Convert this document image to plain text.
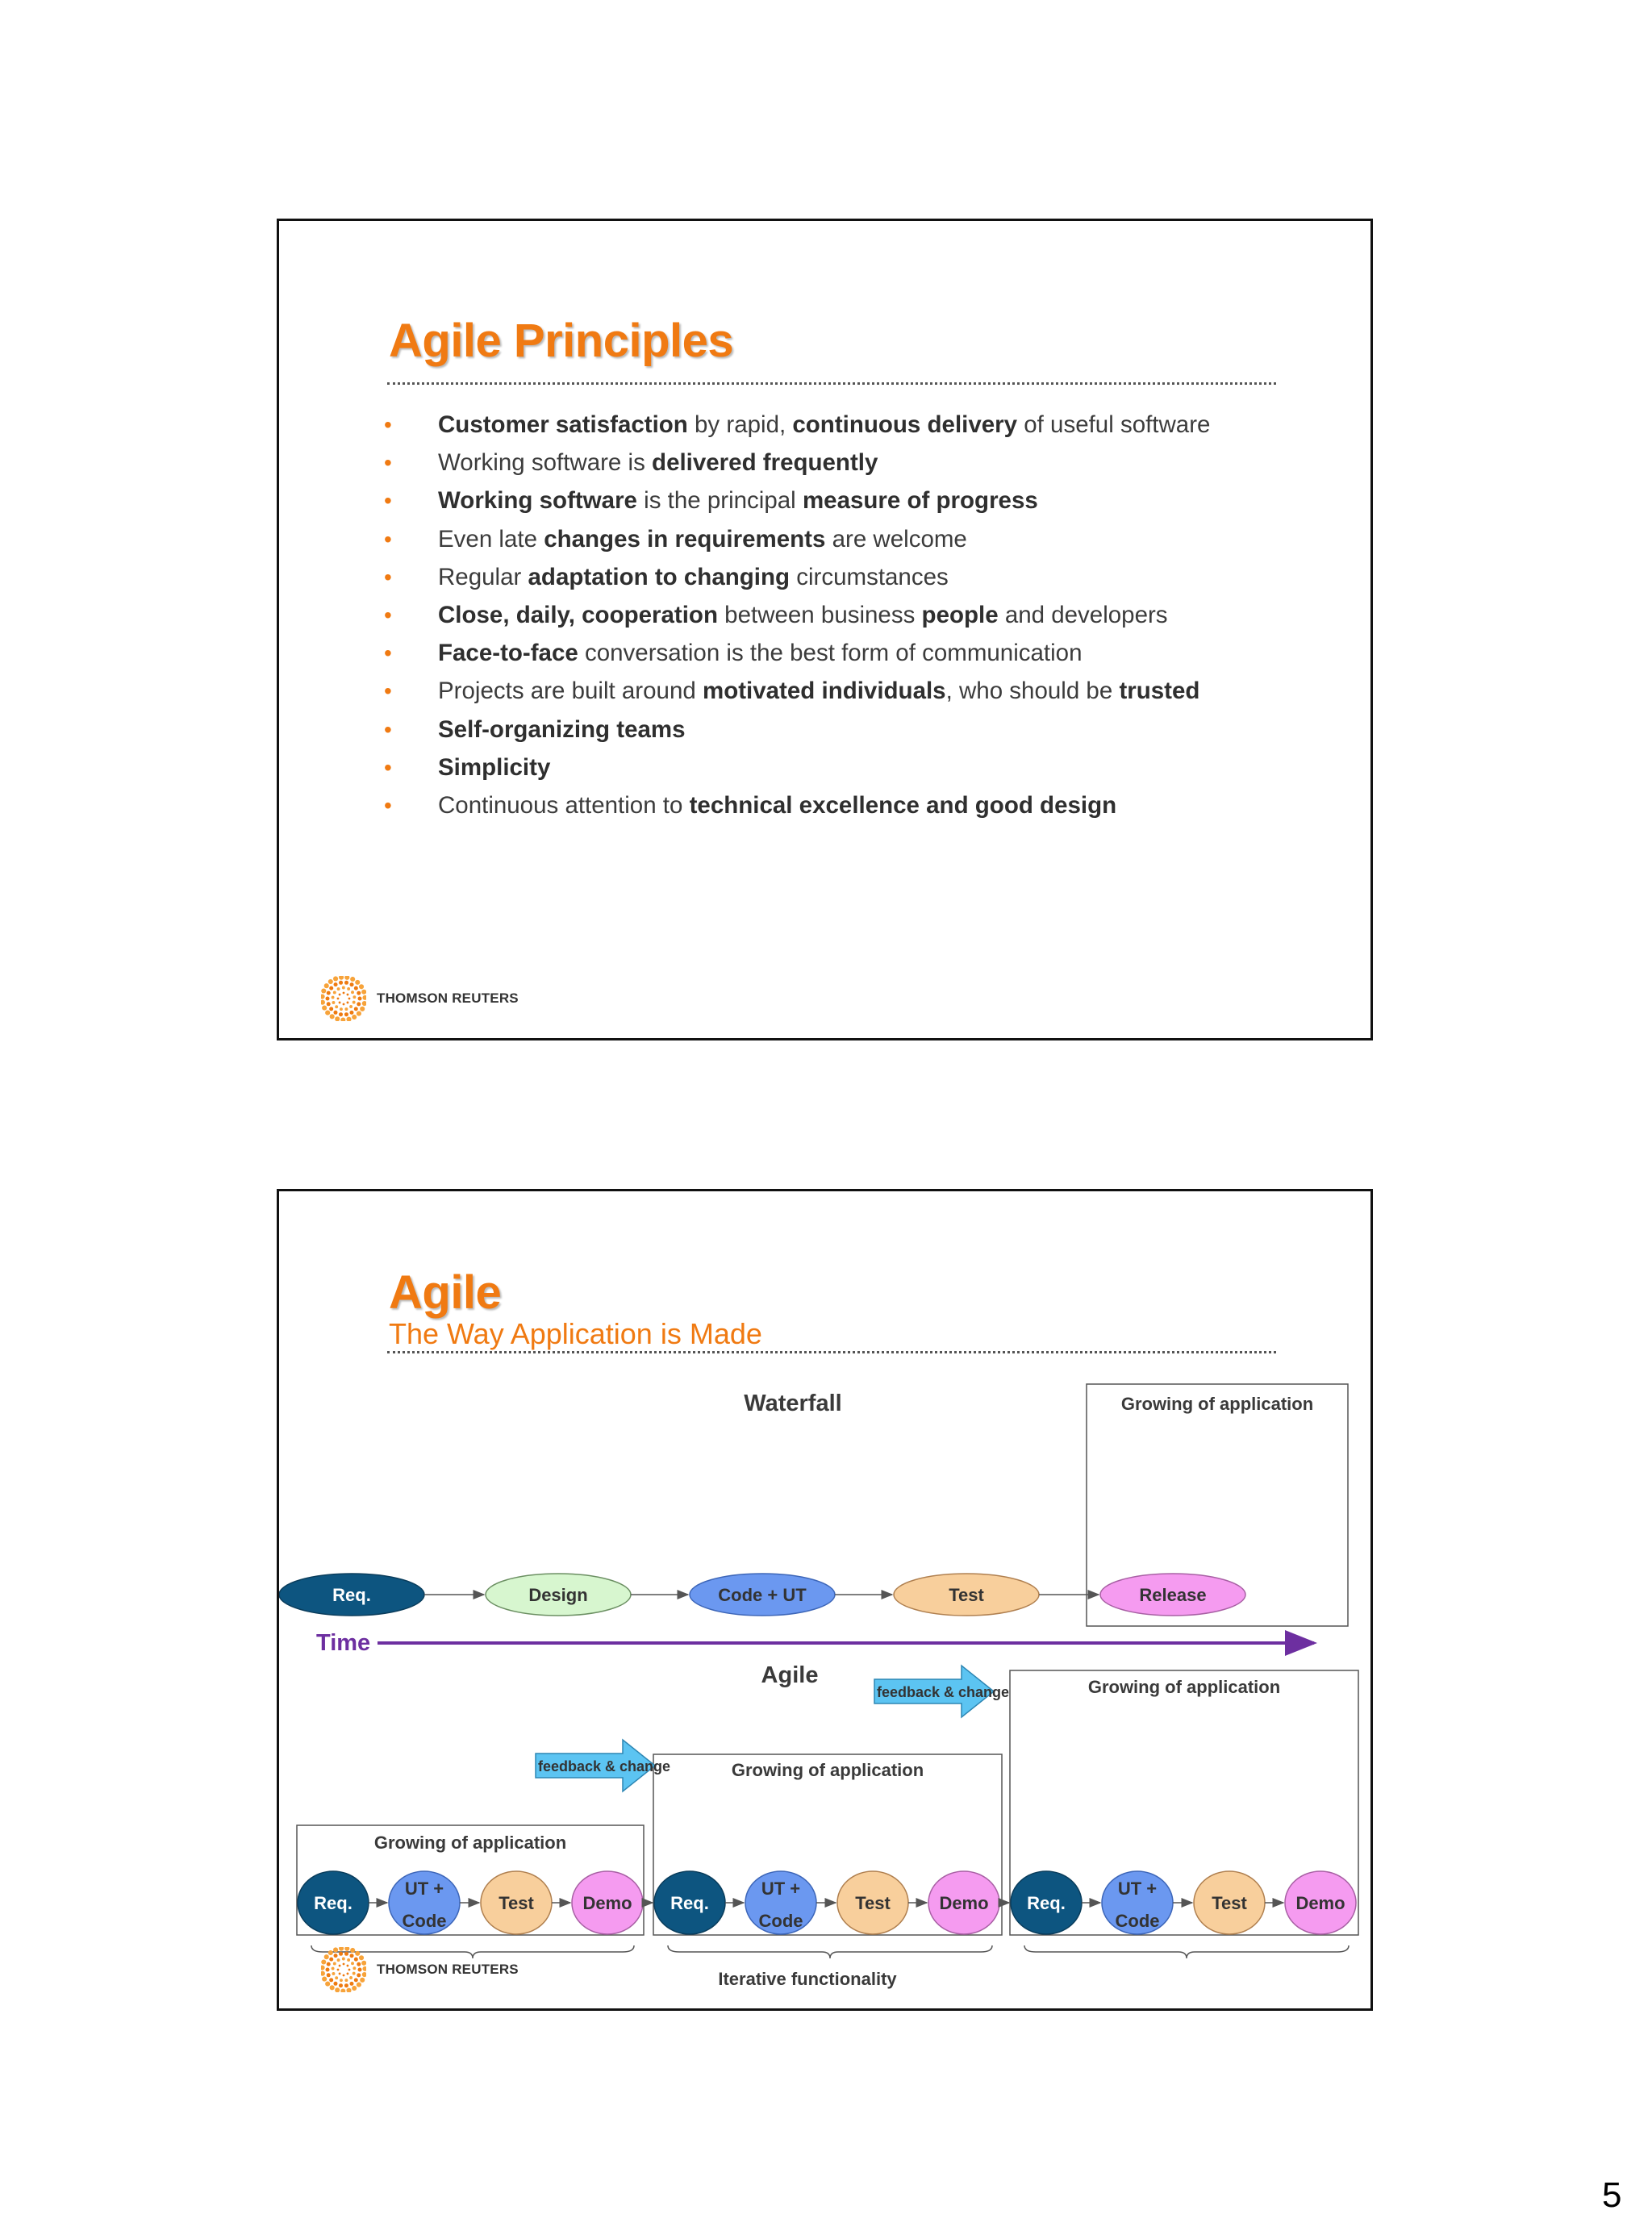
Agile Principles
• Customer satisfaction by rapid, continuous delivery of useful software
• Working software is delivered frequently
• Working software is the principal measure of progress
• Even late changes in requirements are welcome
• Regular adaptation to changing circumstances
• Close, daily, cooperation between business people and developers
• Face-to-face conversation is the best form of communication
• Projects are built around motivated individuals, who should be trusted
• Self-organizing teams
• Simplicity
• Continuous attention to technical excellence and good design
THOMSON REUTERS
Agile
The Way Application is Made
Waterfall	Growing of application
Req.	Design	Code + UT	Test	Release
Time
Agile
Growing of application
Req.
UT +
Code
Test	Demo
Growing of application
Req.
UT +
Code
Test	Demo
Growing of application
Req.
UT +
Code
Test	Demo
feedback & change
feedback & change
Iterative functionality
THOMSON REUTERS
5
